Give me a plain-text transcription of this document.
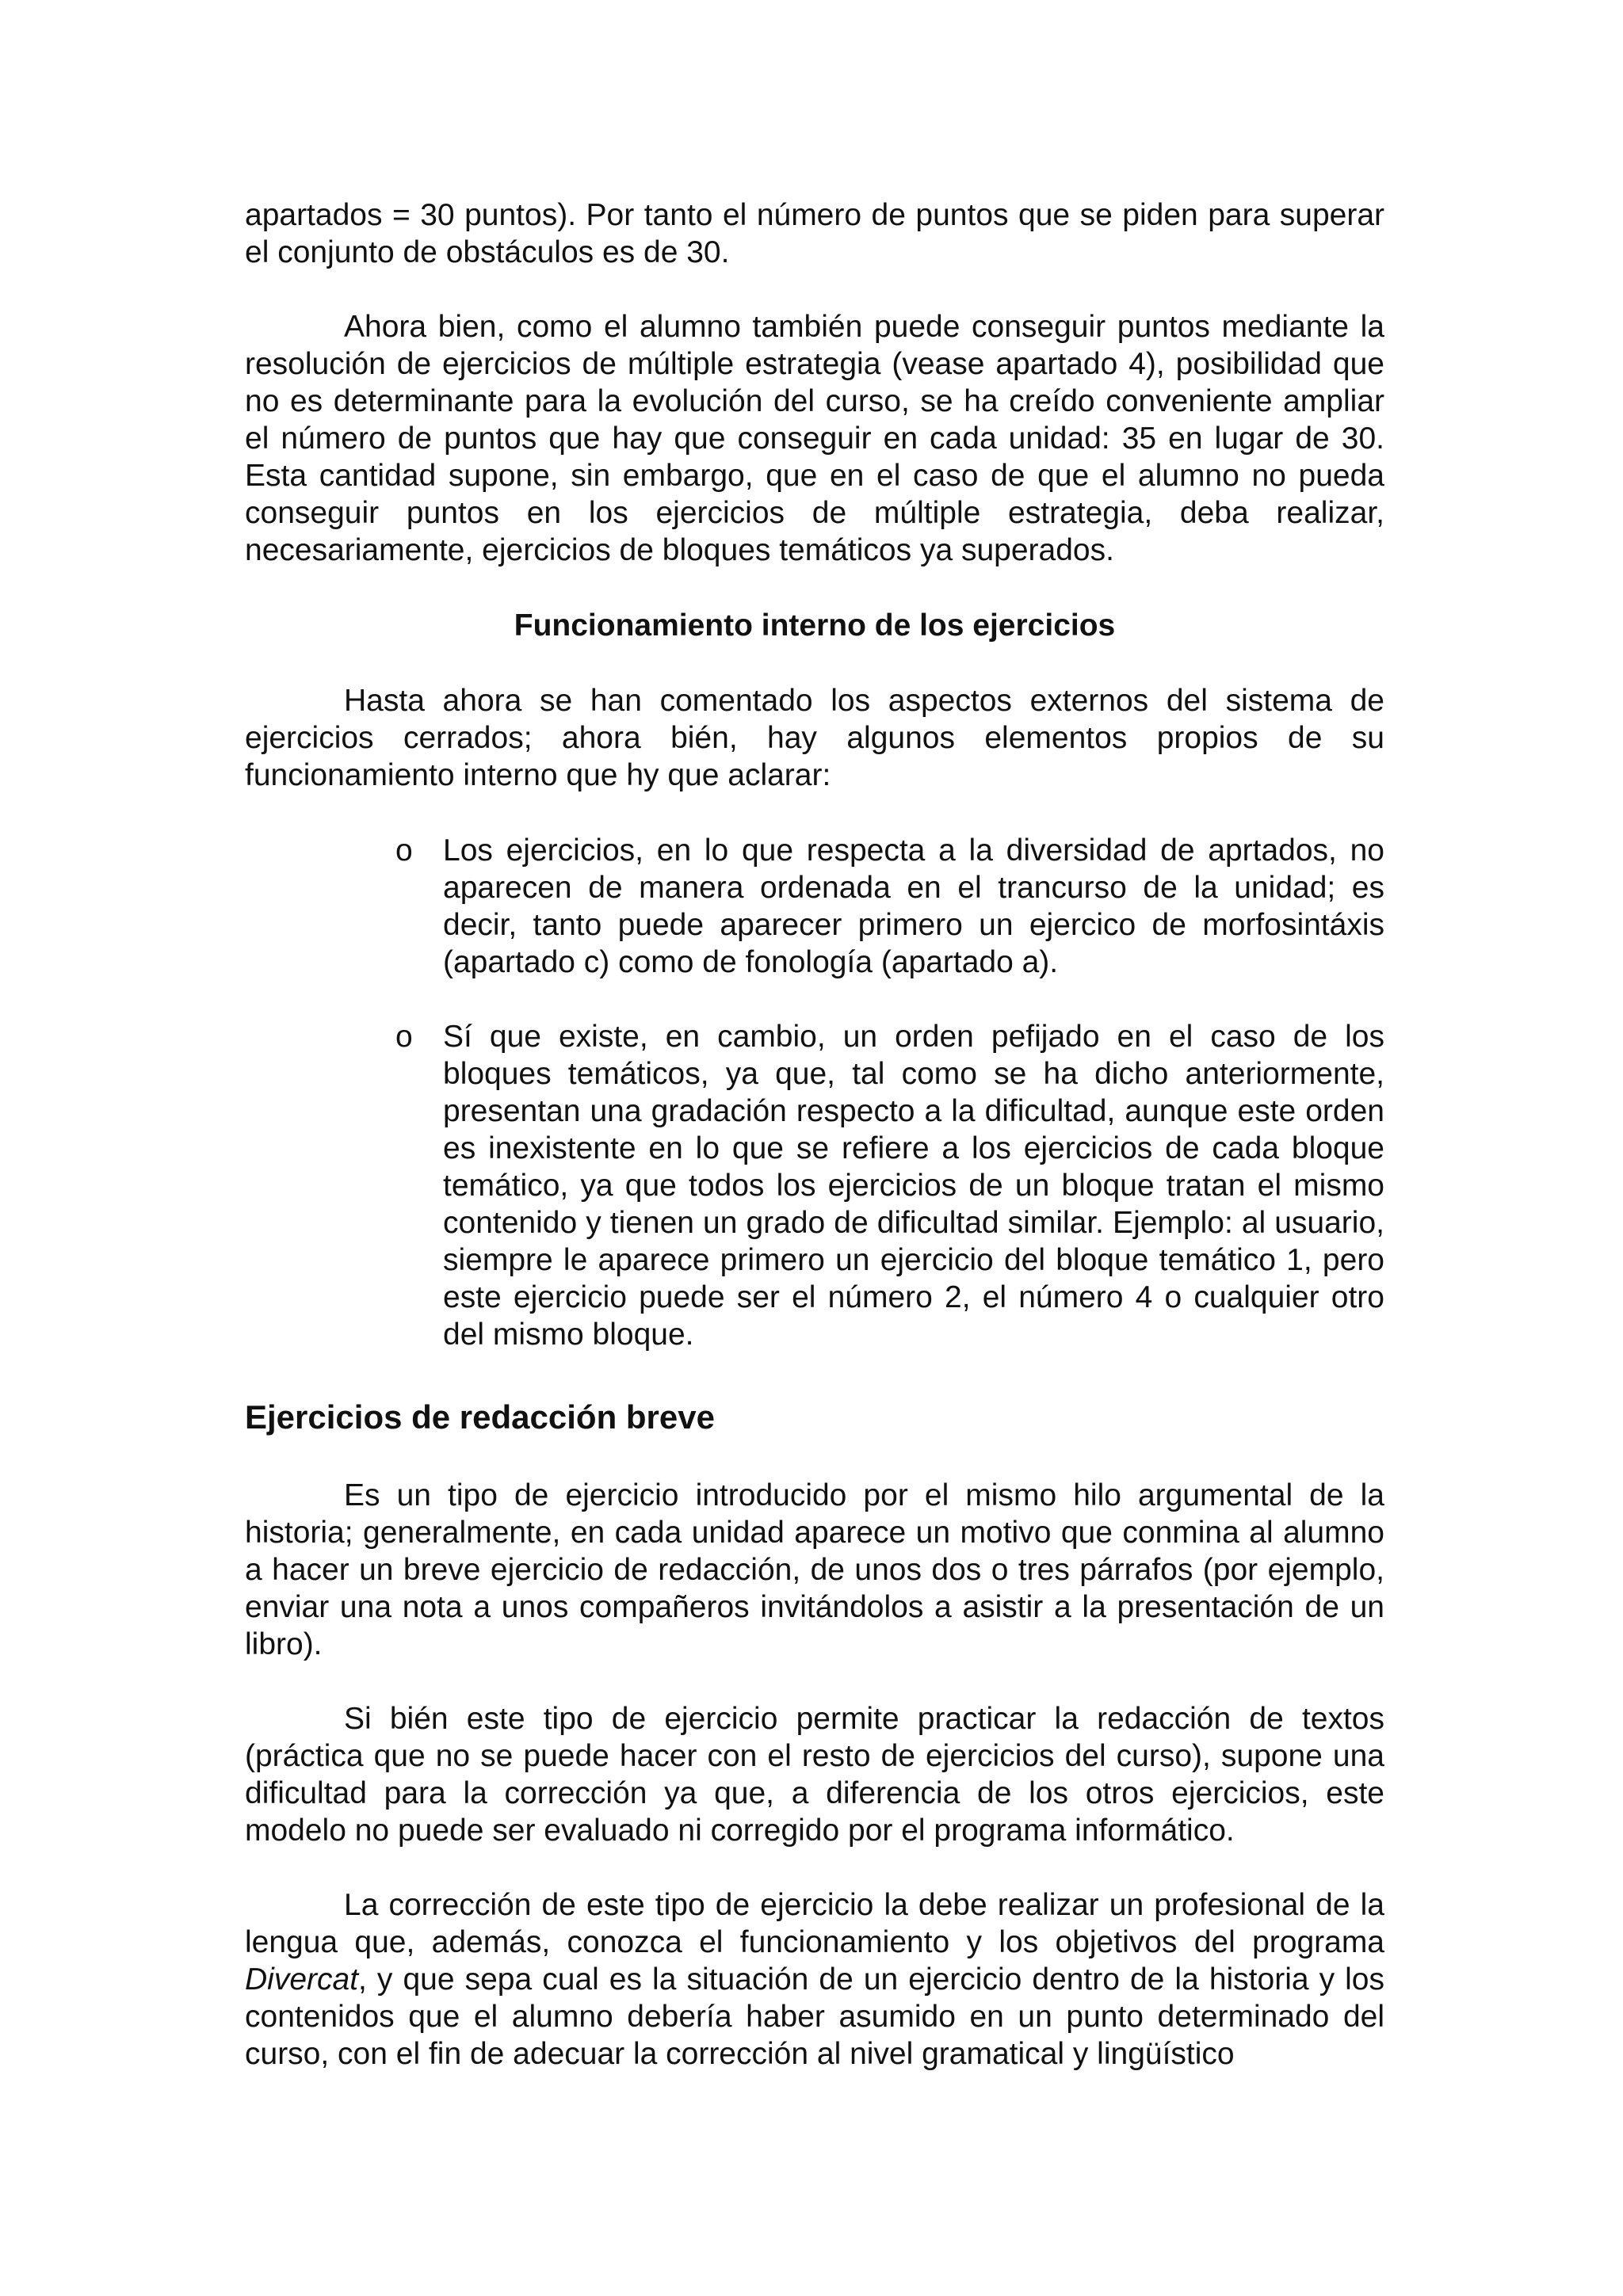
apartados = 30 puntos). Por tanto el número de puntos que se piden para superar el conjunto de obstáculos es de 30.

Ahora bien, como el alumno también puede conseguir puntos mediante la resolución de ejercicios de múltiple estrategia (vease apartado 4), posibilidad que no es determinante para la evolución del curso, se ha creído conveniente ampliar el número de puntos que hay que conseguir en cada unidad: 35 en lugar de 30. Esta cantidad supone, sin embargo, que en el caso de que el alumno no pueda conseguir puntos en los ejercicios de múltiple estrategia, deba realizar, necesariamente, ejercicios de bloques temáticos ya superados.

Funcionamiento interno de los ejercicios

Hasta ahora se han comentado los aspectos externos del sistema de ejercicios cerrados; ahora bién, hay algunos elementos propios de su funcionamiento interno que hy que aclarar:

o Los ejercicios, en lo que respecta a la diversidad de aprtados, no aparecen de manera ordenada en el trancurso de la unidad; es decir, tanto puede aparecer primero un ejercico de morfosintáxis (apartado c) como de fonología (apartado a).
o Sí que existe, en cambio, un orden pefijado en el caso de los bloques temáticos, ya que, tal como se ha dicho anteriormente, presentan una gradación respecto a la dificultad, aunque este orden es inexistente en lo que se refiere a los ejercicios de cada bloque temático, ya que todos los ejercicios de un bloque tratan el mismo contenido y tienen un grado de dificultad similar. Ejemplo: al usuario, siempre le aparece primero un ejercicio del bloque temático 1, pero este ejercicio puede ser el número 2, el número 4 o cualquier otro del mismo bloque.

Ejercicios de redacción breve

Es un tipo de ejercicio introducido por el mismo hilo argumental de la historia; generalmente, en cada unidad aparece un motivo que conmina al alumno a hacer un breve ejercicio de redacción, de unos dos o tres párrafos (por ejemplo, enviar una nota a unos compañeros invitándolos a asistir a la presentación de un libro).

Si bién este tipo de ejercicio permite practicar la redacción de textos (práctica que no se puede hacer con el resto de ejercicios del curso), supone una dificultad para la corrección ya que, a diferencia de los otros ejercicios, este modelo no puede ser evaluado ni corregido por el programa informático.

La corrección de este tipo de ejercicio la debe realizar un profesional de la lengua que, además, conozca el funcionamiento y los objetivos del programa Divercat, y que sepa cual es la situación de un ejercicio dentro de la historia y los contenidos que el alumno debería haber asumido en un punto determinado del curso, con el fin de adecuar la corrección al nivel gramatical y lingüístico
